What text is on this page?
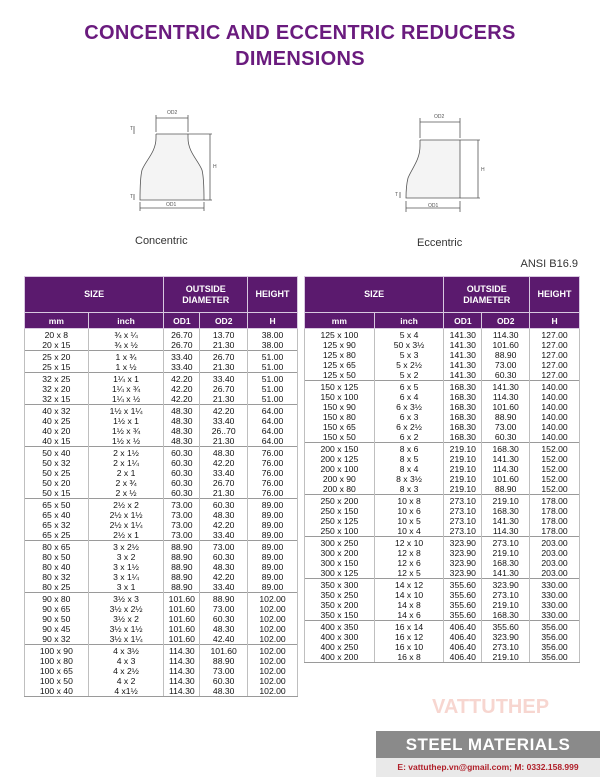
CONCENTRIC AND ECCENTRIC REDUCERS
DIMENSIONS
OD2
OD1
H
T
T
Concentric
OD2
OD1
H
T
Eccentric
ANSI B16.9
SIZE		OUTSIDE
DIAMETER		HEIGHT
mm	inch	OD1	OD2	H
20 x 8	¾ x ¼	26.70	13.70	38.00
20 x 15	¾ x ½	26.70	21.30	38.00
25 x 20	1 x ¾	33.40	26.70	51.00
25 x 15	1 x ½	33.40	21.30	51.00
32 x 25	1¼ x 1	42.20	33.40	51.00
32 x 20	1¼ x ¾	42.20	26.70	51.00
32 x 15	1¼ x ½	42.20	21.30	51.00
40 x 32	1½ x 1¼	48.30	42.20	64.00
40 x 25	1½ x 1	48.30	33.40	64.00
40 x 20	1½ x ¾	48.30	26..70	64.00
40 x 15	1½ x ½	48.30	21.30	64.00
50 x 40	2 x 1½	60.30	48.30	76.00
50 x 32	2 x 1¼	60.30	42.20	76.00
50 x 25	2 x 1	60.30	33.40	76.00
50 x 20	2 x ¾	60.30	26.70	76.00
50 x 15	2 x ½	60.30	21.30	76.00
65 x 50	2½ x 2	73.00	60.30	89.00
65 x 40	2½ x 1½	73.00	48.30	89.00
65 x 32	2½ x 1¼	73.00	42.20	89.00
65 x 25	2½ x 1	73.00	33.40	89.00
80 x 65	3 x 2½	88.90	73.00	89.00
80 x 50	3 x 2	88.90	60.30	89.00
80 x 40	3 x 1½	88.90	48.30	89.00
80 x 32	3 x 1¼	88.90	42.20	89.00
80 x 25	3 x 1	88.90	33.40	89.00
90 x 80	3½ x 3	101.60	88.90	102.00
90 x 65	3½ x 2½	101.60	73.00	102.00
90 x 50	3½ x 2	101.60	60.30	102.00
90 x 45	3½ x 1½	101.60	48.30	102.00
90 x 32	3½ x 1¼	101.60	42.40	102.00
100 x 90	4 x 3½	114.30	101.60	102.00
100 x 80	4 x 3	114.30	88.90	102.00
100 x 65	4 x 2½	114.30	73.00	102.00
100 x 50	4 x 2	114.30	60.30	102.00
100 x 40	4 x1½	114.30	48.30	102.00
SIZE		OUTSIDE
DIAMETER		HEIGHT
mm	inch	OD1	OD2	H
125 x 100	5 x 4	141.30	114.30	127.00
125 x 90	50 x 3½	141.30	101.60	127.00
125 x 80	5 x 3	141.30	88.90	127.00
125 x 65	5 x 2½	141.30	73.00	127.00
125 x 50	5 x 2	141.30	60.30	127.00
150 x 125	6 x 5	168.30	141.30	140.00
150 x 100	6 x 4	168.30	114.30	140.00
150 x 90	6 x 3½	168.30	101.60	140.00
150 x 80	6 x 3	168.30	88.90	140.00
150 x 65	6 x 2½	168.30	73.00	140.00
150 x 50	6 x 2	168.30	60.30	140.00
200 x 150	8 x 6	219.10	168.30	152.00
200 x 125	8 x 5	219.10	141.30	152.00
200 x 100	8 x 4	219.10	114.30	152.00
200 x 90	8 x 3½	219.10	101.60	152.00
200 x 80	8 x 3	219.10	88.90	152.00
250 x 200	10 x 8	273.10	219.10	178.00
250 x 150	10 x 6	273.10	168.30	178.00
250 x 125	10 x 5	273.10	141.30	178.00
250 x 100	10 x 4	273.10	114.30	178.00
300 x 250	12 x 10	323.90	273.10	203.00
300 x 200	12 x 8	323.90	219.10	203.00
300 x 150	12 x 6	323.90	168.30	203.00
300 x 125	12 x 5	323.90	141.30	203.00
350 x 300	14 x 12	355.60	323.90	330.00
350 x 250	14 x 10	355.60	273.10	330.00
350 x 200	14 x 8	355.60	219.10	330.00
350 x 150	14 x 6	355.60	168.30	330.00
400 x 350	16 x 14	406.40	355.60	356.00
400 x 300	16 x 12	406.40	323.90	356.00
400 x 250	16 x 10	406.40	273.10	356.00
400 x 200	16 x 8	406.40	219.10	356.00
VATTUTHEP
STEEL MATERIALS
E: vattuthep.vn@gmail.com; M: 0332.158.999
